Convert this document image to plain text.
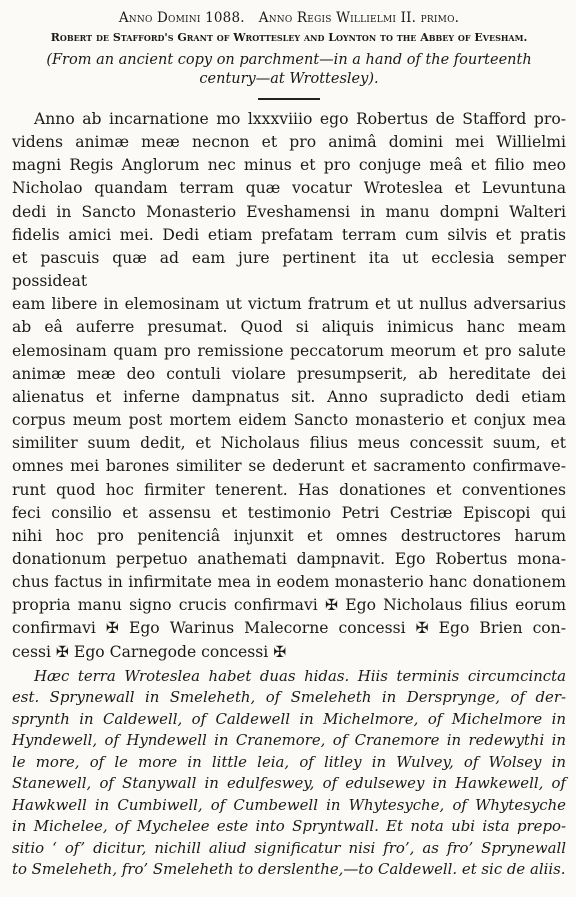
Anno Domini 1088. Anno Regis Willielmi II. primo.
Robert de Stafford's Grant of Wrottesley and Loynton to the Abbey of Evesham.
(From an ancient copy on parchment—in a hand of the fourteenth century—at Wrottesley).
Anno ab incarnatione mo lxxxviiio ego Robertus de Stafford pro-
videns animæ meæ necnon et pro animâ domini mei Willielmi
magni Regis Anglorum nec minus et pro conjuge meâ et filio meo
Nicholao quandam terram quæ vocatur Wroteslea et Levuntuna
dedi in Sancto Monasterio Eveshamensi in manu dompni Walteri
fidelis amici mei. Dedi etiam prefatam terram cum silvis et pratis
et pascuis quæ ad eam jure pertinent ita ut ecclesia semper possideat
eam libere in elemosinam ut victum fratrum et ut nullus adversarius
ab eâ auferre presumat. Quod si aliquis inimicus hanc meam
elemosinam quam pro remissione peccatorum meorum et pro salute
animæ meæ deo contuli violare presumpserit, ab hereditate dei
alienatus et inferne dampnatus sit. Anno supradicto dedi etiam
corpus meum post mortem eidem Sancto monasterio et conjux mea
similiter suum dedit, et Nicholaus filius meus concessit suum, et
omnes mei barones similiter se dederunt et sacramento confirmave-
runt quod hoc firmiter tenerent. Has donationes et conventiones
feci consilio et assensu et testimonio Petri Cestriæ Episcopi qui
nihi hoc pro penitenciâ injunxit et omnes destructores harum
donationum perpetuo anathemati dampnavit. Ego Robertus mona-
chus factus in infirmitate mea in eodem monasterio hanc donationem
propria manu signo crucis confirmavi ✠ Ego Nicholaus filius eorum
confirmavi ✠ Ego Warinus Malecorne concessi ✠ Ego Brien con-
cessi ✠ Ego Carnegode concessi ✠
Hæc terra Wroteslea habet duas hidas. Hiis terminis circumcincta
est. Sprynewall in Smeleheth, of Smeleheth in Dersprynge, of der-
sprynth in Caldewell, of Caldewell in Michelmore, of Michelmore in
Hyndewell, of Hyndewell in Cranemore, of Cranemore in redewythi in
le more, of le more in little leia, of litley in Wulvey, of Wolsey in
Stanewell, of Stanywall in edulfeswey, of edulsewey in Hawkewell, of
Hawkwell in Cumbiwell, of Cumbewell in Whytesyche, of Whytesyche
in Michelee, of Mychelee este into Spryntwall. Et nota ubi ista prepo-
sitio ‘ of’ dicitur, nichill aliud significatur nisi fro’, as fro’ Sprynewall
to Smeleheth, fro’ Smeleheth to derslenthe,—to Caldewell. et sic de aliis.
